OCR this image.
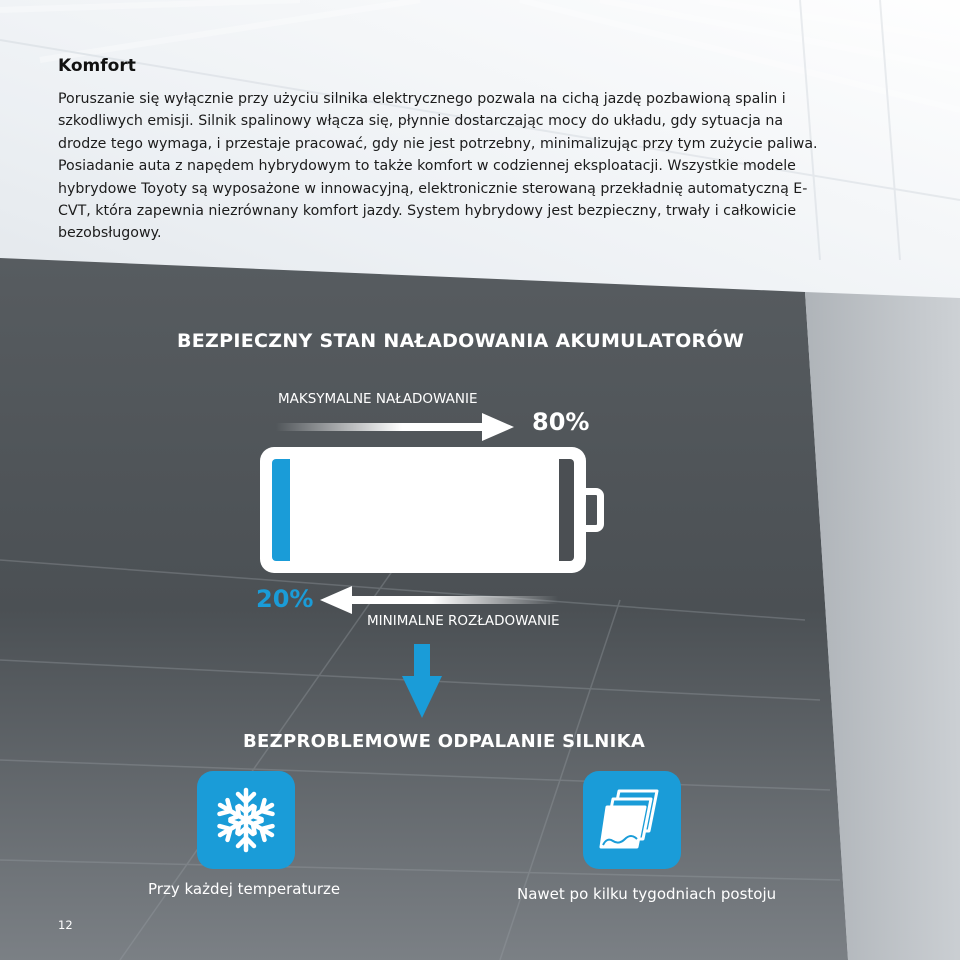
Komfort

Poruszanie się wyłącznie przy użyciu silnika elektrycznego pozwala na cichą jazdę pozbawioną spalin i szkodliwych emisji. Silnik spalinowy włącza się, płynnie dostarczając mocy do układu, gdy sytuacja na drodze tego wymaga, i przestaje pracować, gdy nie jest potrzebny, minimalizując przy tym zużycie paliwa. Posiadanie auta z napędem hybrydowym to także komfort w codziennej eksploatacji. Wszystkie modele hybrydowe Toyoty są wyposażone w innowacyjną, elektronicznie sterowaną przekładnię automatyczną E-CVT, która zapewnia niezrównany komfort jazdy. System hybrydowy jest bezpieczny, trwały i całkowicie bezobsługowy.

BEZPIECZNY STAN NAŁADOWANIA AKUMULATORÓW

MAKSYMALNE NAŁADOWANIE

80%

20%

MINIMALNE ROZŁADOWANIE

BEZPROBLEMOWE ODPALANIE SILNIKA

Przy każdej temperaturze	Nawet po kilku tygodniach postoju

12
